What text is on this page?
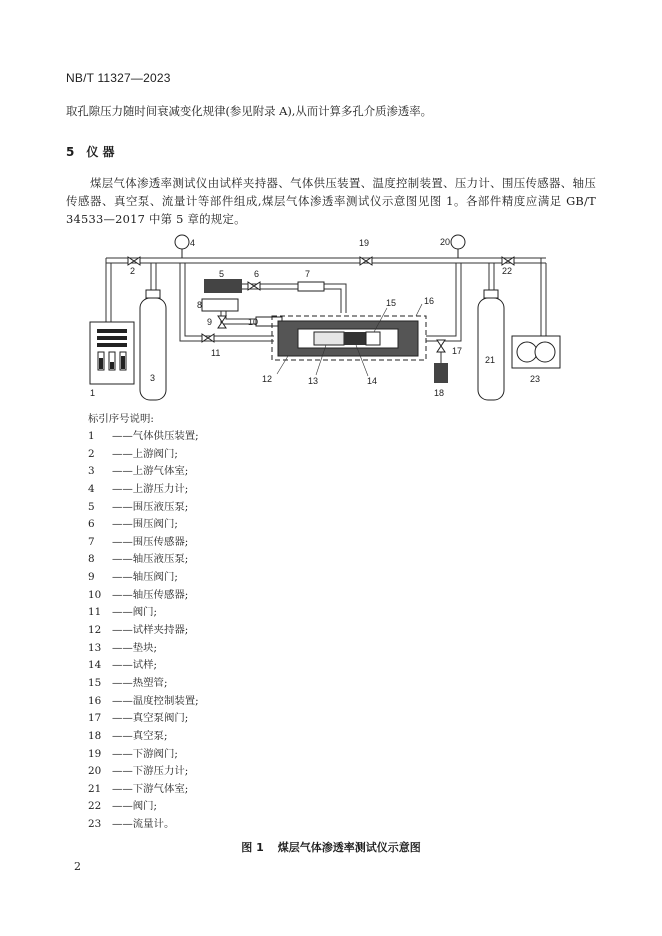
NB/T 11327—2023
取孔隙压力随时间衰减变化规律(参见附录 A),从而计算多孔介质渗透率。
5 仪 器
煤层气体渗透率测试仪由试样夹持器、气体供压装置、温度控制装置、压力计、围压传感器、轴压传感器、真空泵、流量计等部件组成,煤层气体渗透率测试仪示意图见图 1。各部件精度应满足 GB/T 34533—2017 中第 5 章的规定。
4
2	5	6	7
8
9	10
11
1
3	12	13	14
15	16
17
18
19	20
21
22
23
标引序号说明:
1 ——气体供压装置;
2 ——上游阀门;
3 ——上游气体室;
4 ——上游压力计;
5 ——围压液压泵;
6 ——围压阀门;
7 ——围压传感器;
8 ——轴压液压泵;
9 ——轴压阀门;
10 ——轴压传感器;
11 ——阀门;
12 ——试样夹持器;
13 ——垫块;
14 ——试样;
15 ——热塑管;
16 ——温度控制装置;
17 ——真空泵阀门;
18 ——真空泵;
19 ——下游阀门;
20 ——下游压力计;
21 ——下游气体室;
22 ——阀门;
23 ——流量计。
图 1 煤层气体渗透率测试仪示意图
2
